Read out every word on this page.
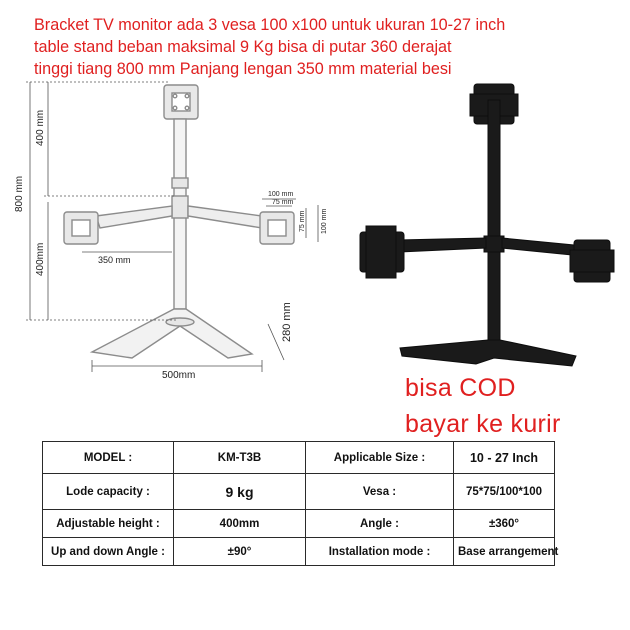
Bracket TV monitor ada 3 vesa 100 x100 untuk ukuran 10-27 inch
table stand beban maksimal 9 Kg bisa di putar 360 derajat
tinggi tiang 800 mm Panjang lengan 350 mm material besi
800 mm
400 mm
400mm	350 mm
100 mm
75 mm
75 mm 100 mm
500mm
280 mm
bisa COD
bayar ke kurir
MODEL :	KM-T3B	Applicable Size :	10 - 27 Inch
Lode capacity :	9 kg	Vesa :	75*75/100*100
Adjustable height :	400mm	Angle :	±360°
Up and down Angle :	±90°	Installation mode :	Base arrangement
